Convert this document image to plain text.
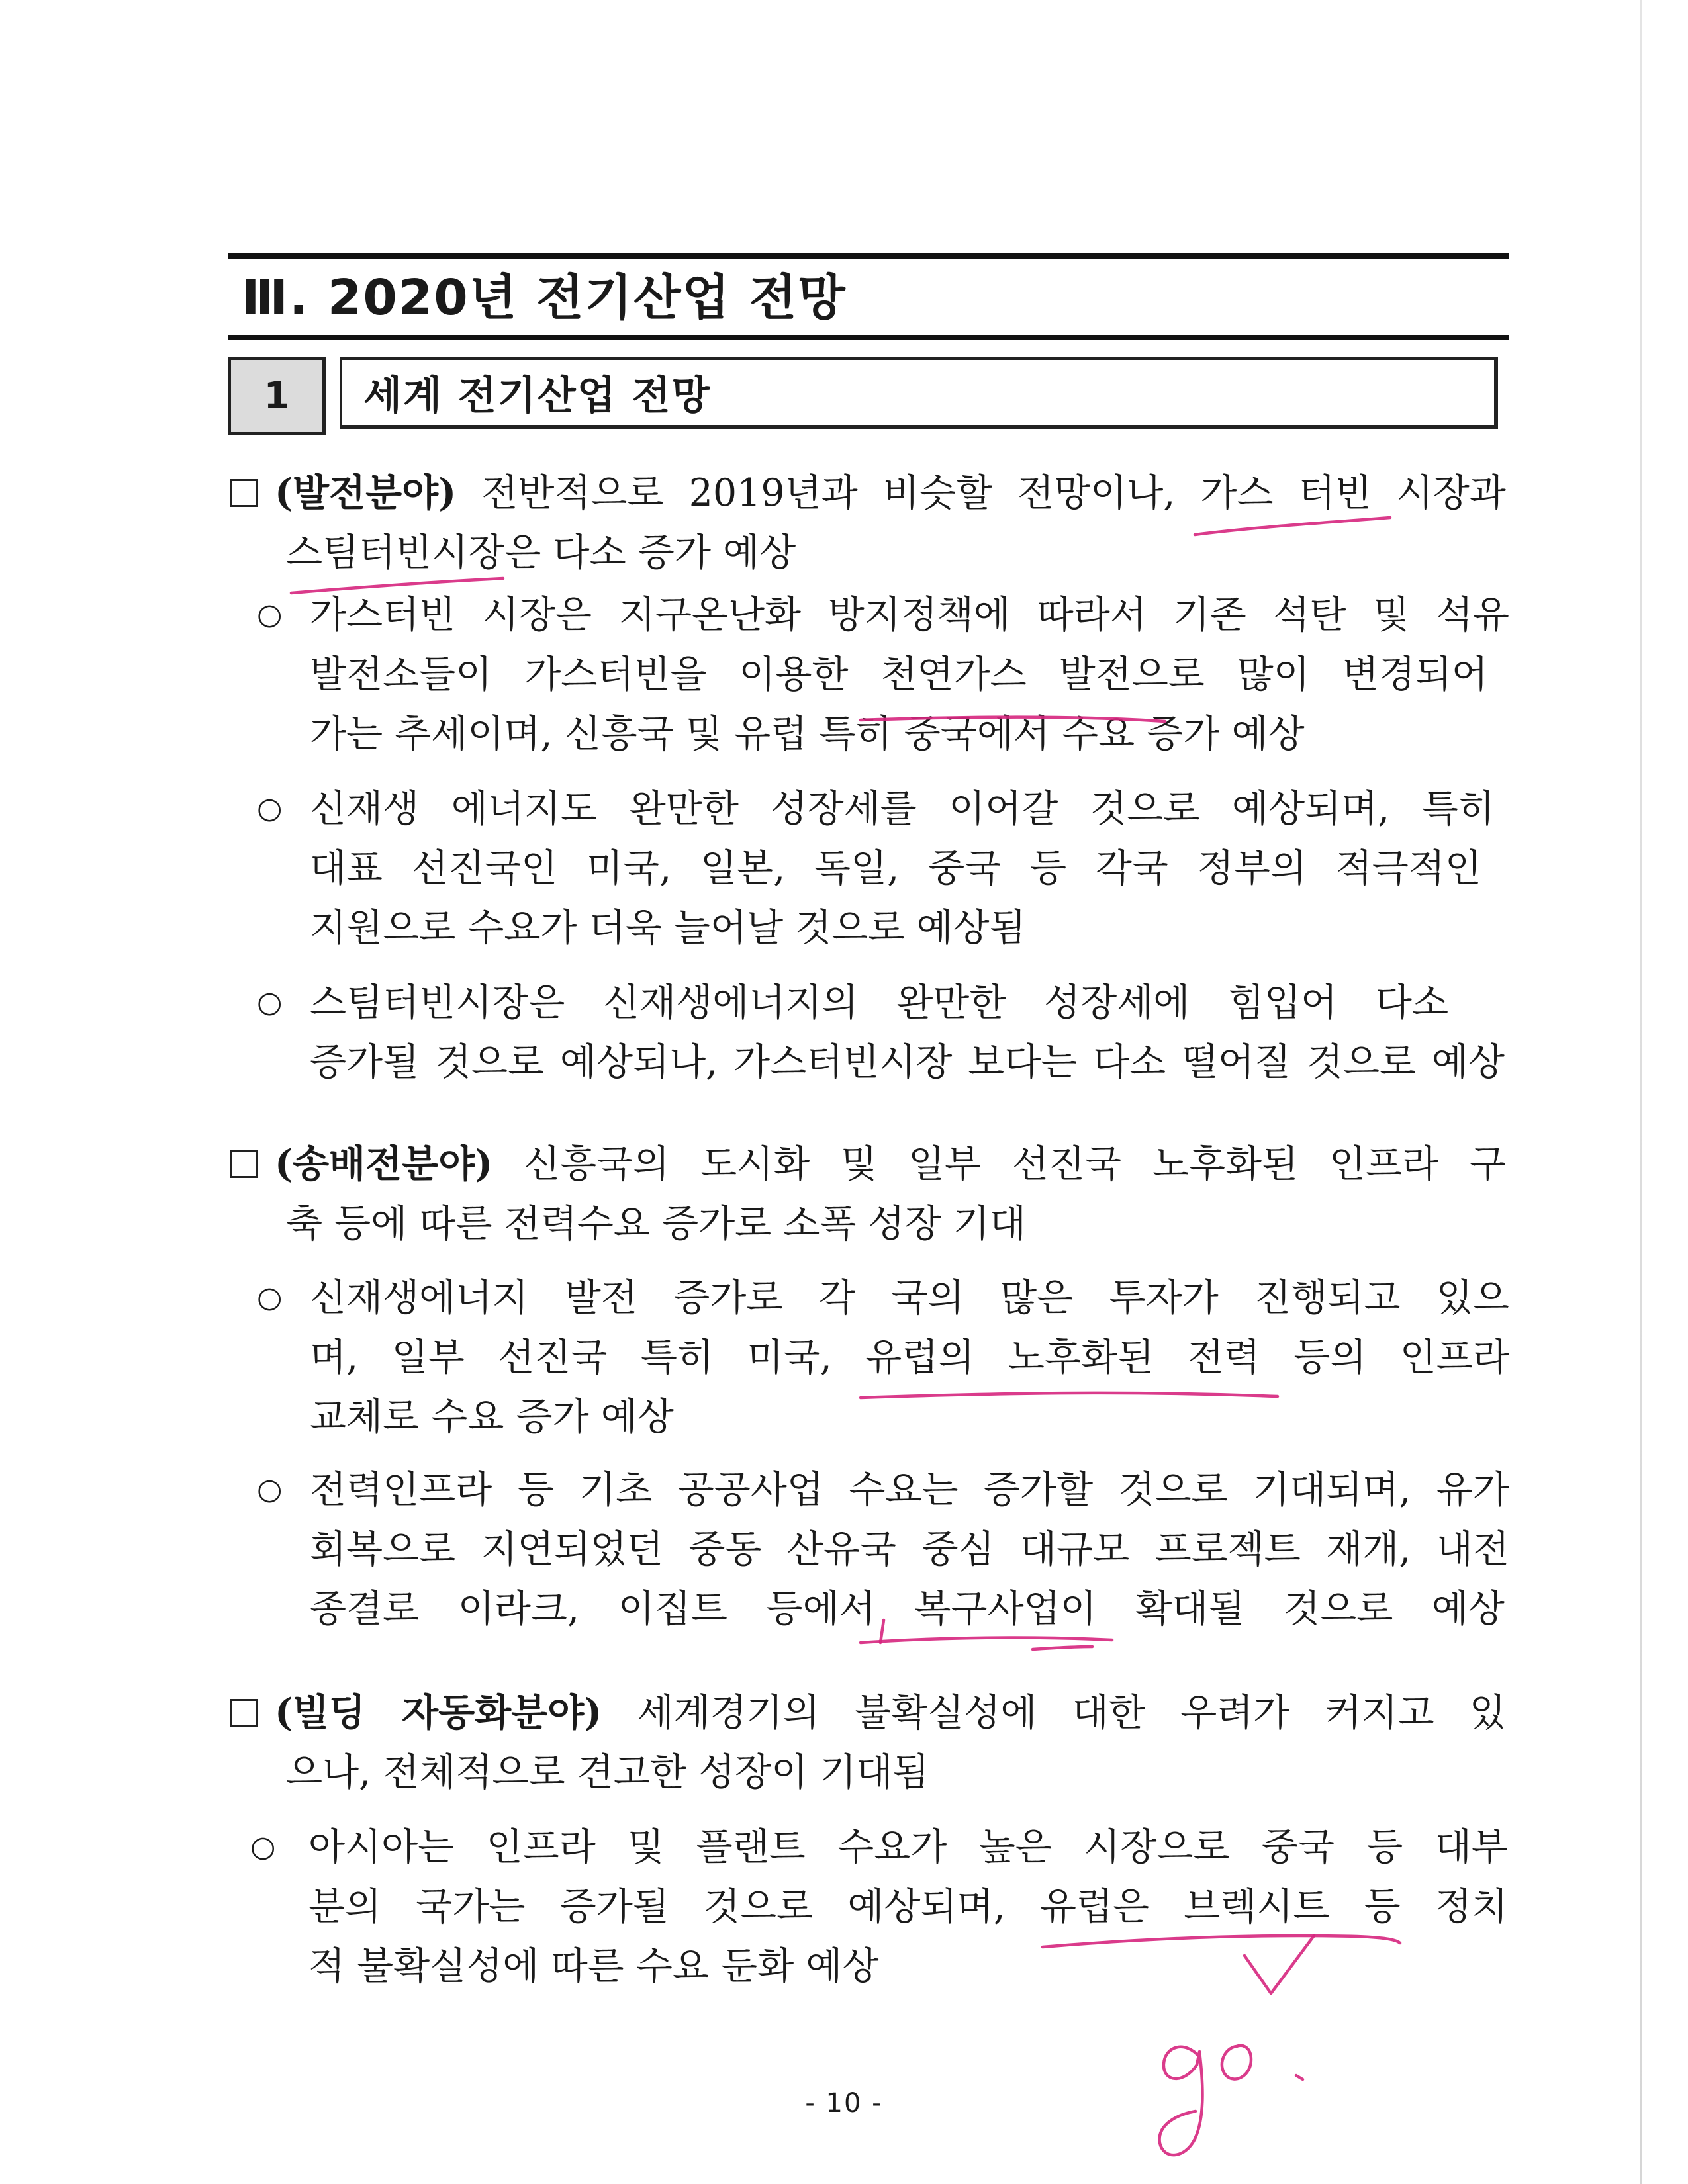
Ⅲ. 2020년 전기산업 전망
1	세계 전기산업 전망
(발전분야) 전반적으로 2019년과 비슷할 전망이나, 가스 터빈 시장과
스팀터빈시장은 다소 증가 예상
○ 가스터빈 시장은 지구온난화 방지정책에 따라서 기존 석탄 및 석유
발전소들이 가스터빈을 이용한 천연가스 발전으로 많이 변경되어
가는 추세이며, 신흥국 및 유럽 특히 중국에서 수요 증가 예상
○ 신재생 에너지도 완만한 성장세를 이어갈 것으로 예상되며, 특히
대표 선진국인 미국, 일본, 독일, 중국 등 각국 정부의 적극적인
지원으로 수요가 더욱 늘어날 것으로 예상됨
○ 스팀터빈시장은 신재생에너지의 완만한 성장세에 힘입어 다소
증가될 것으로 예상되나, 가스터빈시장 보다는 다소 떨어질 것으로 예상
(송배전분야) 신흥국의 도시화 및 일부 선진국 노후화된 인프라 구
축 등에 따른 전력수요 증가로 소폭 성장 기대
○ 신재생에너지 발전 증가로 각 국의 많은 투자가 진행되고 있으
며, 일부 선진국 특히 미국, 유럽의 노후화된 전력 등의 인프라
교체로 수요 증가 예상
○ 전력인프라 등 기초 공공사업 수요는 증가할 것으로 기대되며, 유가
회복으로 지연되었던 중동 산유국 중심 대규모 프로젝트 재개, 내전
종결로 이라크, 이집트 등에서 복구사업이 확대될 것으로 예상
(빌딩 자동화분야) 세계경기의 불확실성에 대한 우려가 커지고 있
으나, 전체적으로 견고한 성장이 기대됨
○ 아시아는 인프라 및 플랜트 수요가 높은 시장으로 중국 등 대부
분의 국가는 증가될 것으로 예상되며, 유럽은 브렉시트 등 정치
적 불확실성에 따른 수요 둔화 예상
- 10 -
